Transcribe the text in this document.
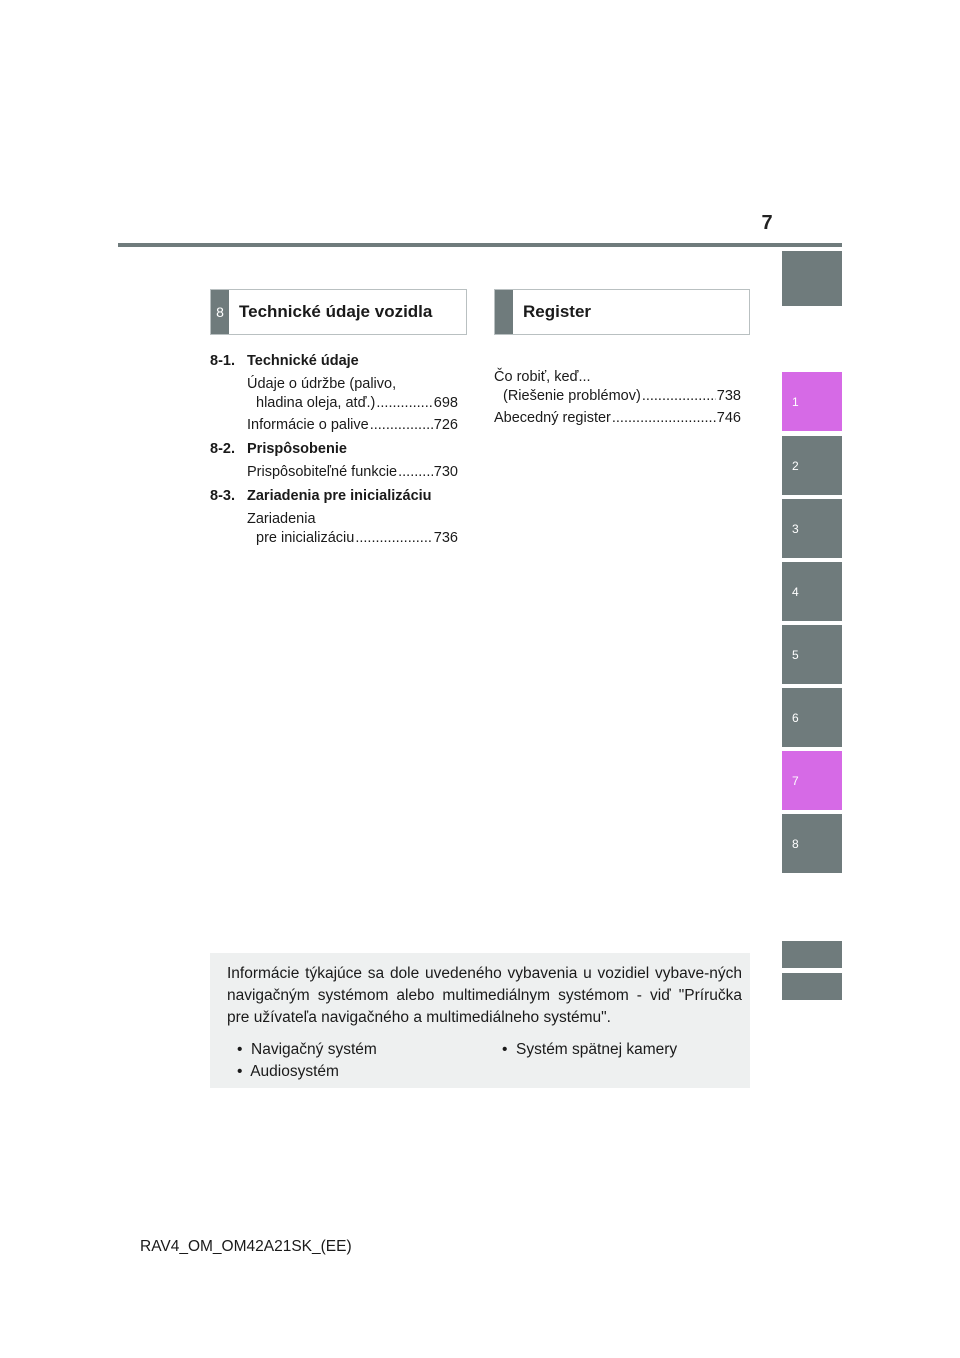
7
1
2
3
4
5
6
7
8
8 Technické údaje vozidla	Register
8-1. Technické údaje
Údaje o údržbe (palivo,
hladina oleja, atď.) .....	698
Informácie o palive .....	726
8-2. Prispôsobenie
Prispôsobiteľné funkcie .....	730
8-3. Zariadenia pre inicializáciu
Zariadenia
pre inicializáciu .....	736
Čo robiť, keď...
(Riešenie problémov) .....	738
Abecedný register .....	746
Informácie týkajúce sa dole uvedeného vybavenia u vozidiel vybave-ných navigačným systémom alebo multimediálnym systémom - viď "Príručka pre užívateľa navigačného a multimediálneho systému".
•  Navigačný systém
•  Audiosystém
•  Systém spätnej kamery
RAV4_OM_OM42A21SK_(EE)
